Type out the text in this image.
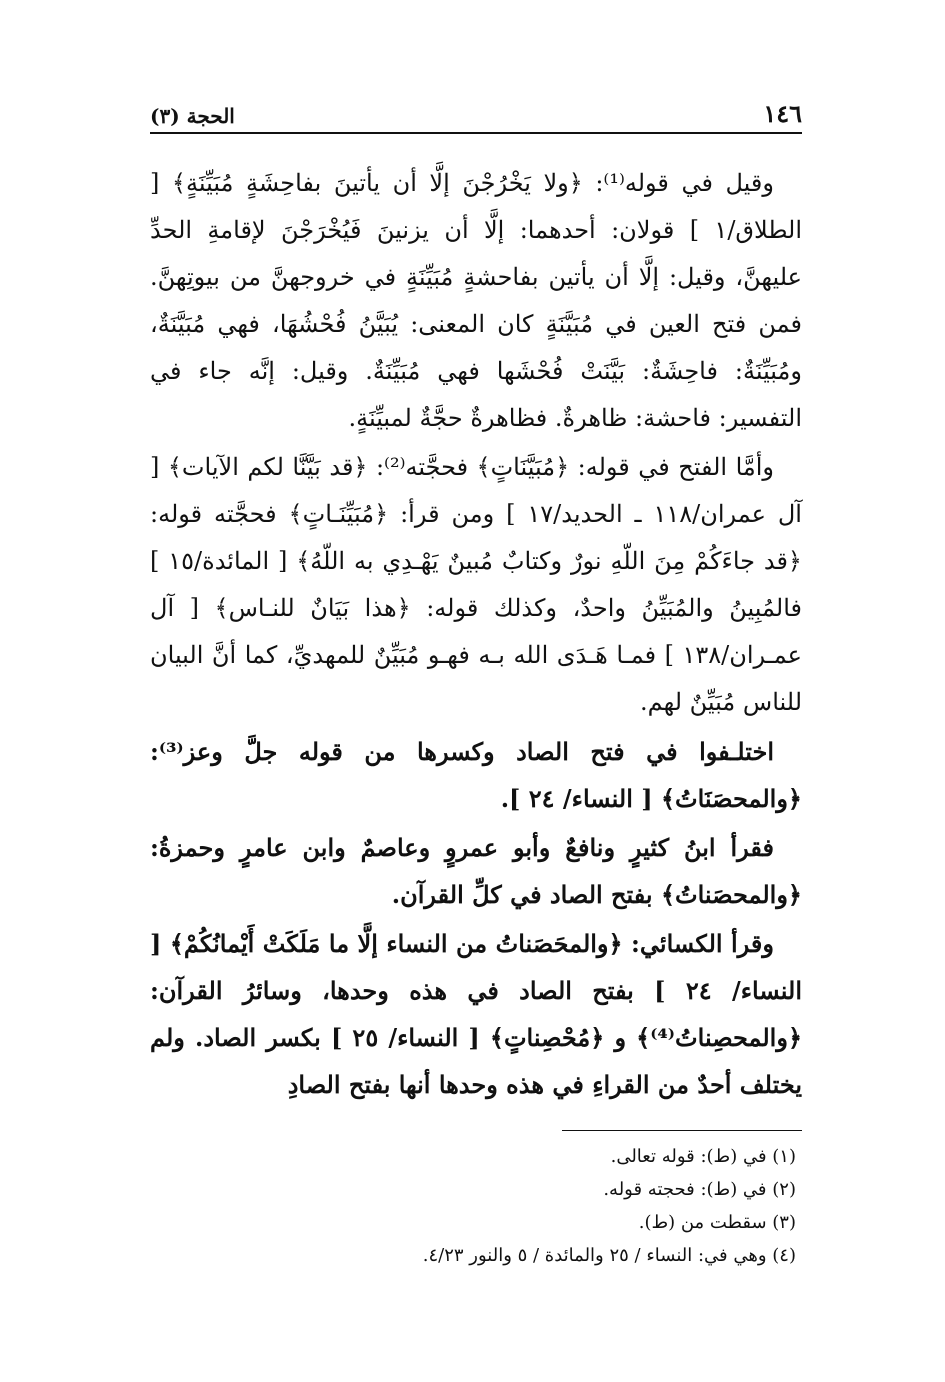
١٤٦
الحجة (٣)

وقيل في قوله⁽¹⁾: ﴿ولا يَخْرُجْنَ إلَّا أن يأتينَ بفاحِشَةٍ مُبَيِّنَةٍ﴾ [ الطلاق/١ ] قولان: أحدهما: إلَّا أن يزنينَ فَيُخْرَجْنَ لإقامةِ الحدِّ عليهنَّ، وقيل: إلَّا أن يأتين بفاحشةٍ مُبَيِّنَةٍ في خروجهنَّ من بيوتِهنَّ. فمن فتح العين في مُبَيَّنَةٍ كان المعنى: يُبَيَّنُ فُحْشُهَا، فهي مُبَيَّنَةٌ، ومُبَيِّنَةٌ: فاحِشَةٌ: بَيَّنَتْ فُحْشَها فهي مُبَيِّنَةٌ. وقيل: إنَّه جاء في التفسير: فاحشة: ظاهرةٌ. فظاهرةٌ حجَّةٌ لمبيِّنَةٍ.

وأمَّا الفتح في قوله: ﴿مُبَيَّنَاتٍ﴾ فحجَّته⁽²⁾: ﴿قد بَيَّنَّا لكم الآيات﴾ [ آل عمران/١١٨ ـ الحديد/١٧ ] ومن قرأ: ﴿مُبَيِّنَـاتٍ﴾ فحجَّته قوله: ﴿قد جاءَكُمْ مِنَ اللّهِ نورٌ وكتابٌ مُبينٌ يَهْـدِي به اللّهُ﴾ [ المائدة/١٥ ] فالمُبِينُ والمُبَيِّنُ واحدٌ، وكذلك قوله: ﴿هذا بَيَانٌ للنـاس﴾ [ آل عمـران/١٣٨ ] فمـا هَـدَى الله بـه فهـو مُبَيِّنٌ للمهديِّ، كما أنَّ البيان للناس مُبَيِّنٌ لهم.

اختلـفوا في فتح الصاد وكسرها من قوله جلَّ وعز⁽³⁾: ﴿والمحصَنَاتُ﴾ [ النساء/ ٢٤ ].

فقرأ ابنُ كثيرٍ ونافعٌ وأبو عمروٍ وعاصمٌ وابن عامرٍ وحمزةُ: ﴿والمحصَناتُ﴾ بفتح الصاد في كلِّ القرآن.

وقرأ الكسائي: ﴿والمحَصَناتُ من النساء إلَّا ما مَلَكَتْ أَيْمانُكُمْ﴾ [ النساء/ ٢٤ ] بفتح الصاد في هذه وحدها، وسائرُ القرآن: ﴿والمحصِناتُ⁽⁴⁾﴾ و ﴿مُحْصِناتٍ﴾ [ النساء/ ٢٥ ] بكسر الصاد. ولم يختلف أحدٌ من القراءِ في هذه وحدها أنها بفتح الصادِ

(١) في (ط): قوله تعالى.
(٢) في (ط): فحجته قوله.
(٣) سقطت من (ط).
(٤) وهي في: النساء / ٢٥ والمائدة / ٥ والنور ٤/٢٣.
